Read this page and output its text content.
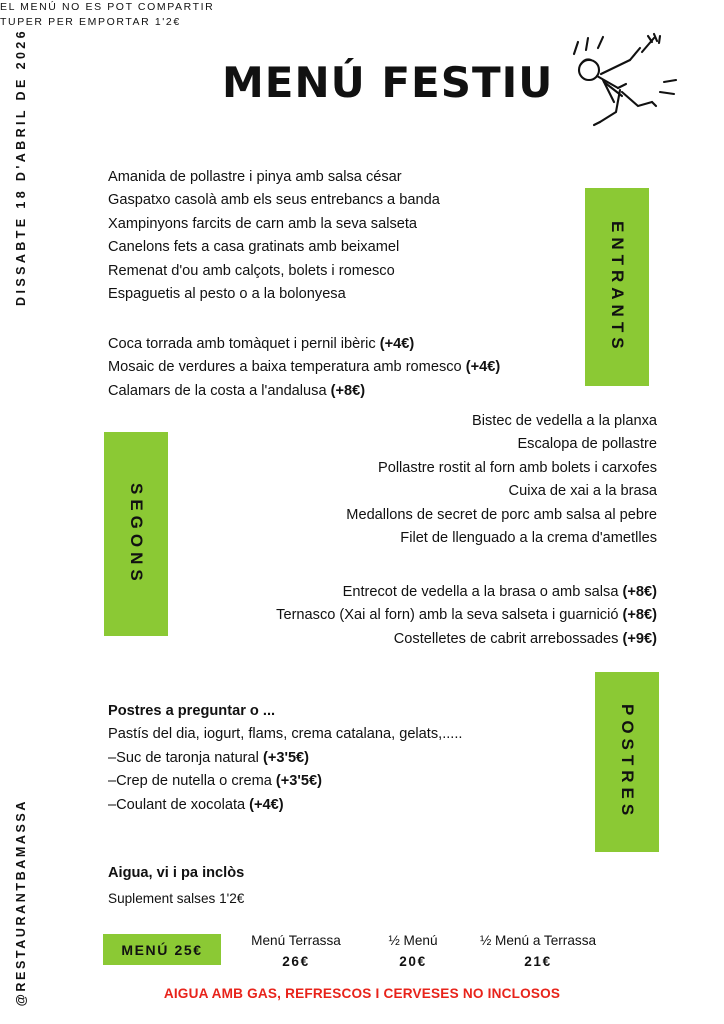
DISSABTE 18 D'ABRIL DE 2026
@RESTAURANTBAMASSA
EL MENÚ NO ES POT COMPARTIR
TUPER PER EMPORTAR 1'2€
MENÚ FESTIU
ENTRANTS
Amanida de pollastre i pinya amb salsa césar
Gaspatxo casolà amb els seus entrebancs a banda
Xampinyons farcits de carn amb la seva salseta
Canelons fets a casa gratinats amb beixamel
Remenat d'ou amb calçots, bolets i romesco
Espaguetis al pesto o a la bolonyesa
Coca torrada amb tomàquet i pernil ibèric (+4€)
Mosaic de verdures a baixa temperatura amb romesco (+4€)
Calamars de la costa a l'andalusa (+8€)
SEGONS
Bistec de vedella a la planxa
Escalopa de pollastre
Pollastre rostit al forn amb bolets i carxofes
Cuixa de xai a la brasa
Medallons de secret de porc amb salsa al pebre
Filet de llenguado a la crema d'ametlles
Entrecot de vedella a la brasa o amb salsa (+8€)
Ternasco (Xai al forn) amb la seva salseta i guarnició (+8€)
Costelletes de cabrit arrebossades (+9€)
POSTRES
Postres a preguntar o ...
Pastís del dia, iogurt, flams, crema catalana, gelats,.....
–Suc de taronja natural (+3'5€)
–Crep de nutella o crema (+3'5€)
–Coulant de xocolata (+4€)
Aigua, vi i pa inclòs
Suplement salses 1'2€
MENÚ 25€
Menú Terrassa
26€
½ Menú
20€
½ Menú a Terrassa
21€
AIGUA AMB GAS, REFRESCOS I CERVESES NO INCLOSOS
